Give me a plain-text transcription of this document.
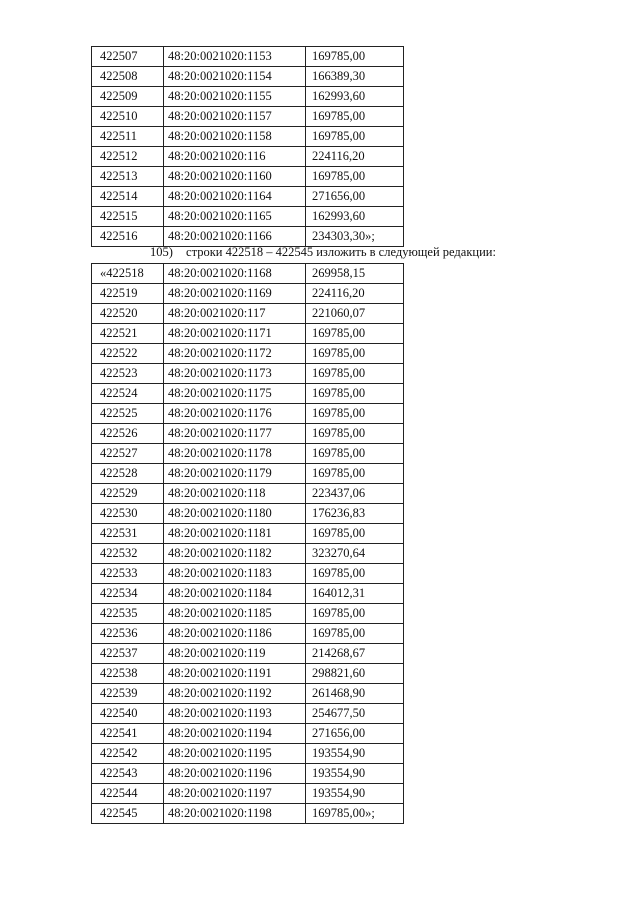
422507	48:20:0021020:1153	169785,00
422508	48:20:0021020:1154	166389,30
422509	48:20:0021020:1155	162993,60
422510	48:20:0021020:1157	169785,00
422511	48:20:0021020:1158	169785,00
422512	48:20:0021020:116	224116,20
422513	48:20:0021020:1160	169785,00
422514	48:20:0021020:1164	271656,00
422515	48:20:0021020:1165	162993,60
422516	48:20:0021020:1166	234303,30»;
105) строки 422518 – 422545 изложить в следующей редакции:
«422518	48:20:0021020:1168	269958,15
422519	48:20:0021020:1169	224116,20
422520	48:20:0021020:117	221060,07
422521	48:20:0021020:1171	169785,00
422522	48:20:0021020:1172	169785,00
422523	48:20:0021020:1173	169785,00
422524	48:20:0021020:1175	169785,00
422525	48:20:0021020:1176	169785,00
422526	48:20:0021020:1177	169785,00
422527	48:20:0021020:1178	169785,00
422528	48:20:0021020:1179	169785,00
422529	48:20:0021020:118	223437,06
422530	48:20:0021020:1180	176236,83
422531	48:20:0021020:1181	169785,00
422532	48:20:0021020:1182	323270,64
422533	48:20:0021020:1183	169785,00
422534	48:20:0021020:1184	164012,31
422535	48:20:0021020:1185	169785,00
422536	48:20:0021020:1186	169785,00
422537	48:20:0021020:119	214268,67
422538	48:20:0021020:1191	298821,60
422539	48:20:0021020:1192	261468,90
422540	48:20:0021020:1193	254677,50
422541	48:20:0021020:1194	271656,00
422542	48:20:0021020:1195	193554,90
422543	48:20:0021020:1196	193554,90
422544	48:20:0021020:1197	193554,90
422545	48:20:0021020:1198	169785,00»;
